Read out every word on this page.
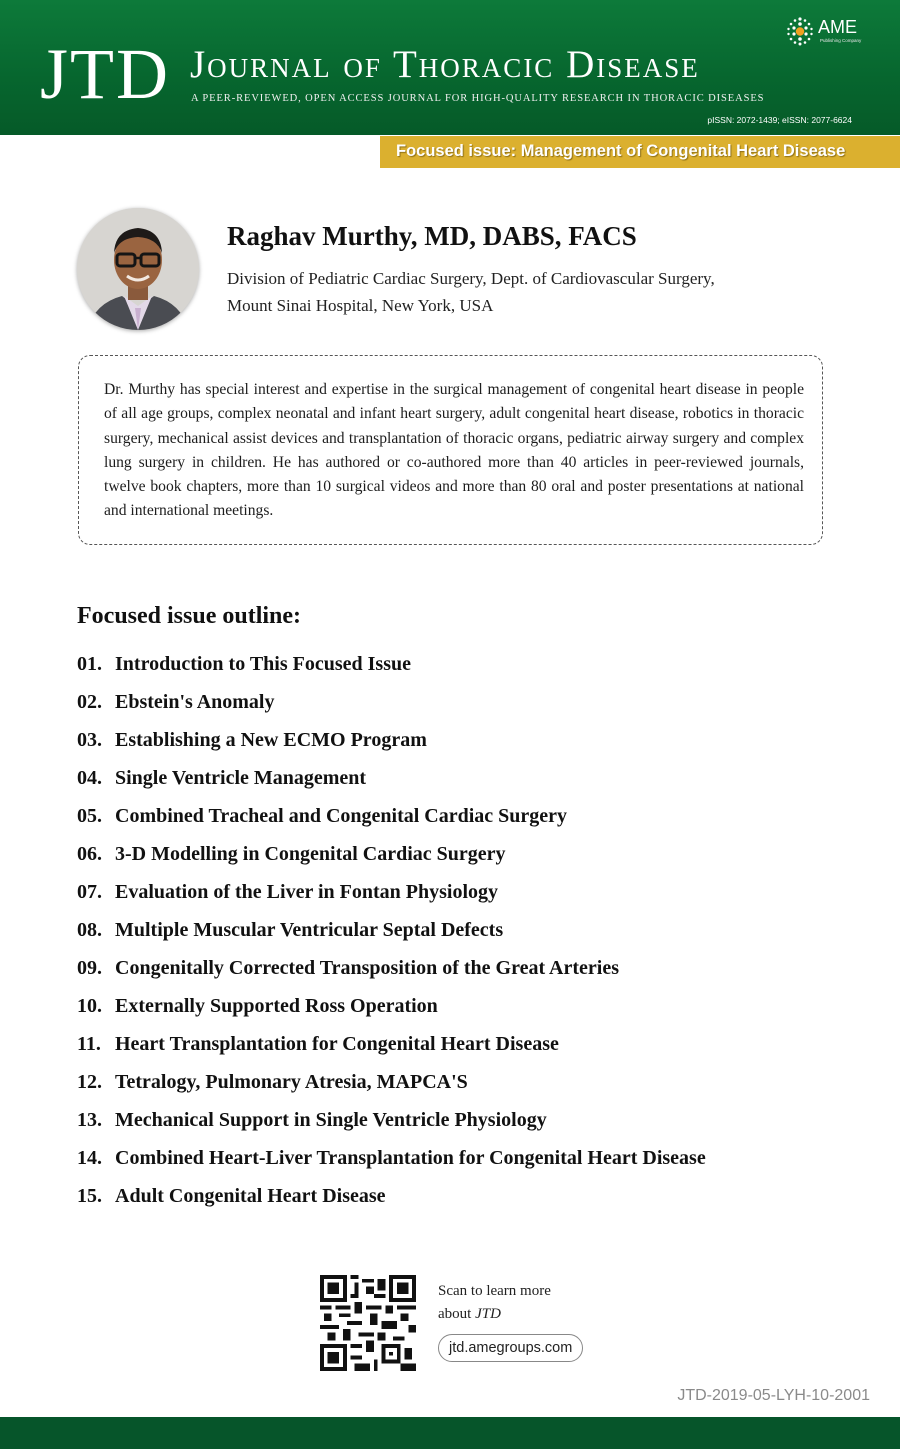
JTD Journal of Thoracic Disease
A PEER-REVIEWED, OPEN ACCESS JOURNAL FOR HIGH-QUALITY RESEARCH IN THORACIC DISEASES
pISSN: 2072-1439; eISSN: 2077-6624
AME
Publishing Company
Focused issue: Management of Congenital Heart Disease
Raghav Murthy, MD, DABS, FACS
Division of Pediatric Cardiac Surgery, Dept. of Cardiovascular Surgery,
Mount Sinai Hospital, New York, USA

Dr. Murthy has special interest and expertise in the surgical management of congenital heart disease in people of all age groups, complex neonatal and infant heart surgery, adult congenital heart disease, robotics in thoracic surgery, mechanical assist devices and transplantation of thoracic organs, pediatric airway surgery and complex lung surgery in children. He has authored or co-authored more than 40 articles in peer-reviewed journals, twelve book chapters, more than 10 surgical videos and more than 80 oral and poster presentations at national and international meetings.

Focused issue outline:
01. Introduction to This Focused Issue
02. Ebstein's Anomaly
03. Establishing a New ECMO Program
04. Single Ventricle Management
05. Combined Tracheal and Congenital Cardiac Surgery
06. 3-D Modelling in Congenital Cardiac Surgery
07. Evaluation of the Liver in Fontan Physiology
08. Multiple Muscular Ventricular Septal Defects
09. Congenitally Corrected Transposition of the Great Arteries
10. Externally Supported Ross Operation
11. Heart Transplantation for Congenital Heart Disease
12. Tetralogy, Pulmonary Atresia, MAPCA'S
13. Mechanical Support in Single Ventricle Physiology
14. Combined Heart-Liver Transplantation for Congenital Heart Disease
15. Adult Congenital Heart Disease
Scan to learn more
about JTD
jtd.amegroups.com
JTD-2019-05-LYH-10-2001
